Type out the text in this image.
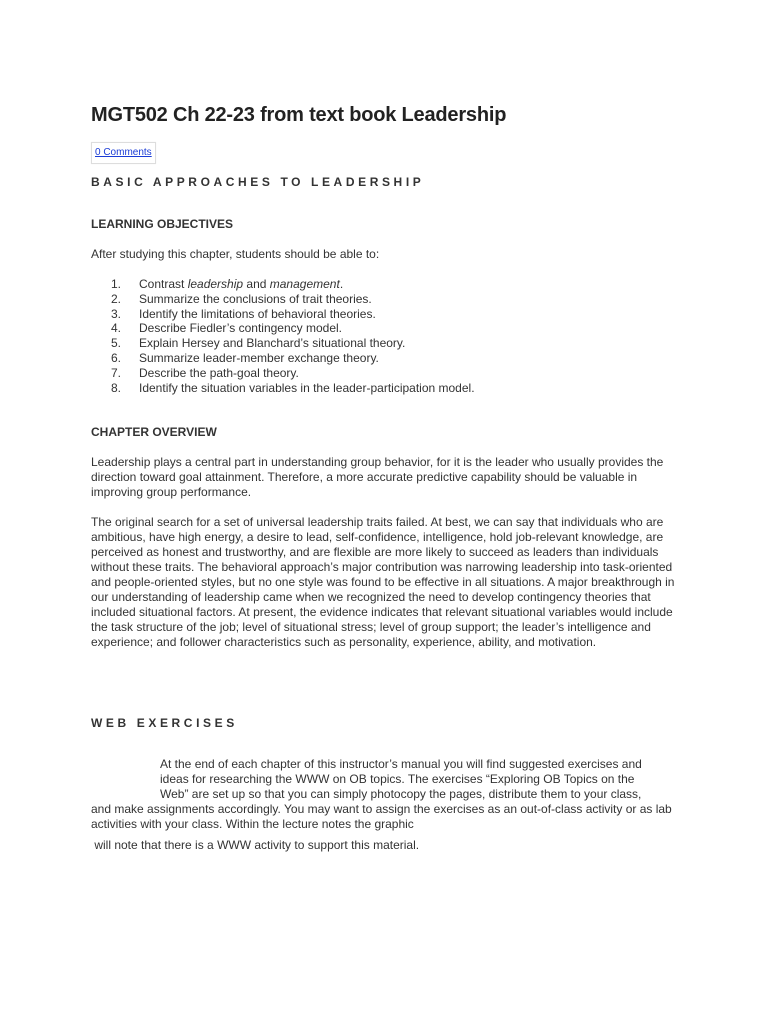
MGT502 Ch 22-23 from text book Leadership
0 Comments
BASIC APPROACHES TO LEADERSHIP
LEARNING OBJECTIVES

After studying this chapter, students should be able to:

1. Contrast leadership and management.
2. Summarize the conclusions of trait theories.
3. Identify the limitations of behavioral theories.
4. Describe Fiedler’s contingency model.
5. Explain Hersey and Blanchard’s situational theory.
6. Summarize leader-member exchange theory.
7. Describe the path-goal theory.
8. Identify the situation variables in the leader-participation model.
CHAPTER OVERVIEW

Leadership plays a central part in understanding group behavior, for it is the leader who usually provides the direction toward goal attainment. Therefore, a more accurate predictive capability should be valuable in improving group performance.

The original search for a set of universal leadership traits failed. At best, we can say that individuals who are ambitious, have high energy, a desire to lead, self-confidence, intelligence, hold job-relevant knowledge, are perceived as honest and trustworthy, and are flexible are more likely to succeed as leaders than individuals without these traits. The behavioral approach’s major contribution was narrowing leadership into task-oriented and people-oriented styles, but no one style was found to be effective in all situations. A major breakthrough in our understanding of leadership came when we recognized the need to develop contingency theories that included situational factors. At present, the evidence indicates that relevant situational variables would include the task structure of the job; level of situational stress; level of group support; the leader’s intelligence and experience; and follower characteristics such as personality, experience, ability, and motivation.

WEB EXERCISES
At the end of each chapter of this instructor’s manual you will find suggested exercises and
ideas for researching the WWW on OB topics. The exercises “Exploring OB Topics on the
Web” are set up so that you can simply photocopy the pages, distribute them to your class,
and make assignments accordingly. You may want to assign the exercises as an out-of-class activity or as lab activities with your class. Within the lecture notes the graphic

will note that there is a WWW activity to support this material.
